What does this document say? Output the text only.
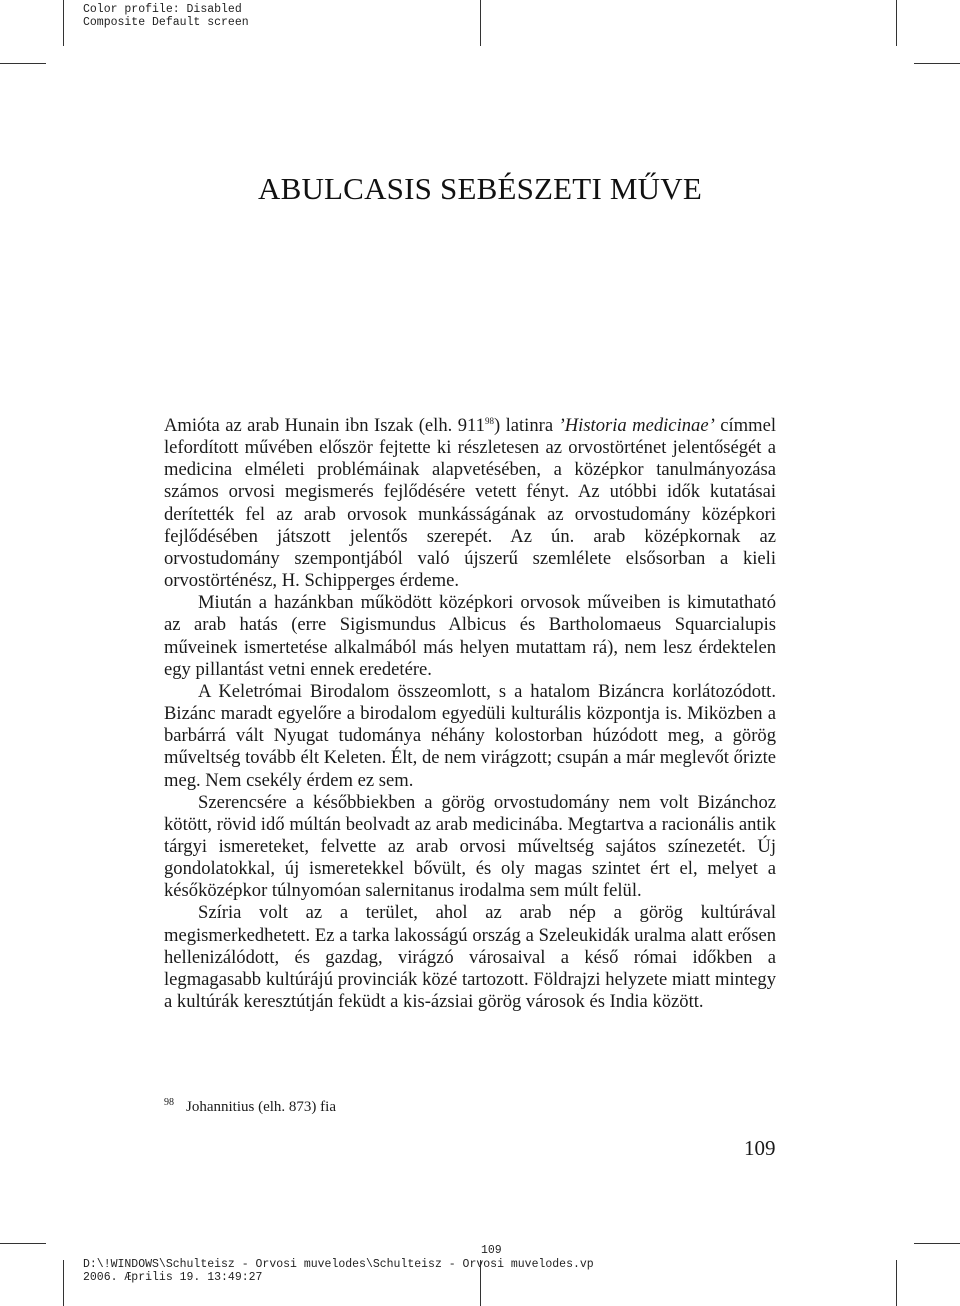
Color profile: Disabled
Composite Default screen
ABULCASIS SEBÉSZETI MŰVE

Amióta az arab Hunain ibn Iszak (elh. $911^{98}$) latinra ’Historia medicinae’ címmel lefordított művében először fejtette ki részletesen az orvostörténet jelentőségét a medicina elméleti problémáinak alapvetésében, a középkor tanulmányozása számos orvosi megismerés fejlődésére vetett fényt. Az utóbbi idők kutatásai derítették fel az arab orvosok munkásságának az orvostudomány középkori fejlődésében játszott jelentős szerepét. Az ún. arab középkornak az orvostudomány szempontjából való újszerű szemlélete elsősorban a kieli orvostörténész, H. Schipperges érdeme.

Miután a hazánkban működött középkori orvosok műveiben is kimutatható az arab hatás (erre Sigismundus Albicus és Bartholomaeus Squarcialupis műveinek ismertetése alkalmából más helyen mutattam rá), nem lesz érdektelen egy pillantást vetni ennek eredetére.

A Keletrómai Birodalom összeomlott, s a hatalom Bizáncra korlátozódott. Bizánc maradt egyelőre a birodalom egyedüli kulturális központja is. Miközben a barbárrá vált Nyugat tudománya néhány kolostorban húzódott meg, a görög műveltség tovább élt Keleten. Élt, de nem virágzott; csupán a már meglevőt őrizte meg. Nem csekély érdem ez sem.

Szerencsére a későbbiekben a görög orvostudomány nem volt Bizánchoz kötött, rövid idő múltán beolvadt az arab medicinába. Megtartva a racionális antik tárgyi ismereteket, felvette az arab orvosi műveltség sajátos színezetét. Új gondolatokkal, új ismeretekkel bővült, és oly magas szintet ért el, melyet a későközépkor túlnyomóan salernitanus irodalma sem múlt felül.

Szíria volt az a terület, ahol az arab nép a görög kultúrával megismerkedhetett. Ez a tarka lakosságú ország a Szeleukidák uralma alatt erősen hellenizálódott, és gazdag, virágzó városaival a késő római időkben a legmagasabb kultúrájú provinciák közé tartozott. Földrajzi helyzete miatt mintegy a kultúrák keresztútján feküdt a kis-ázsiai görög városok és India között.

$^{98}$ Johannitius (elh. 873) fia
109
109
D:\!WINDOWS\Schulteisz - Orvosi muvelodes\Schulteisz - Orvosi muvelodes.vp
2006. Æprilis 19. 13:49:27
